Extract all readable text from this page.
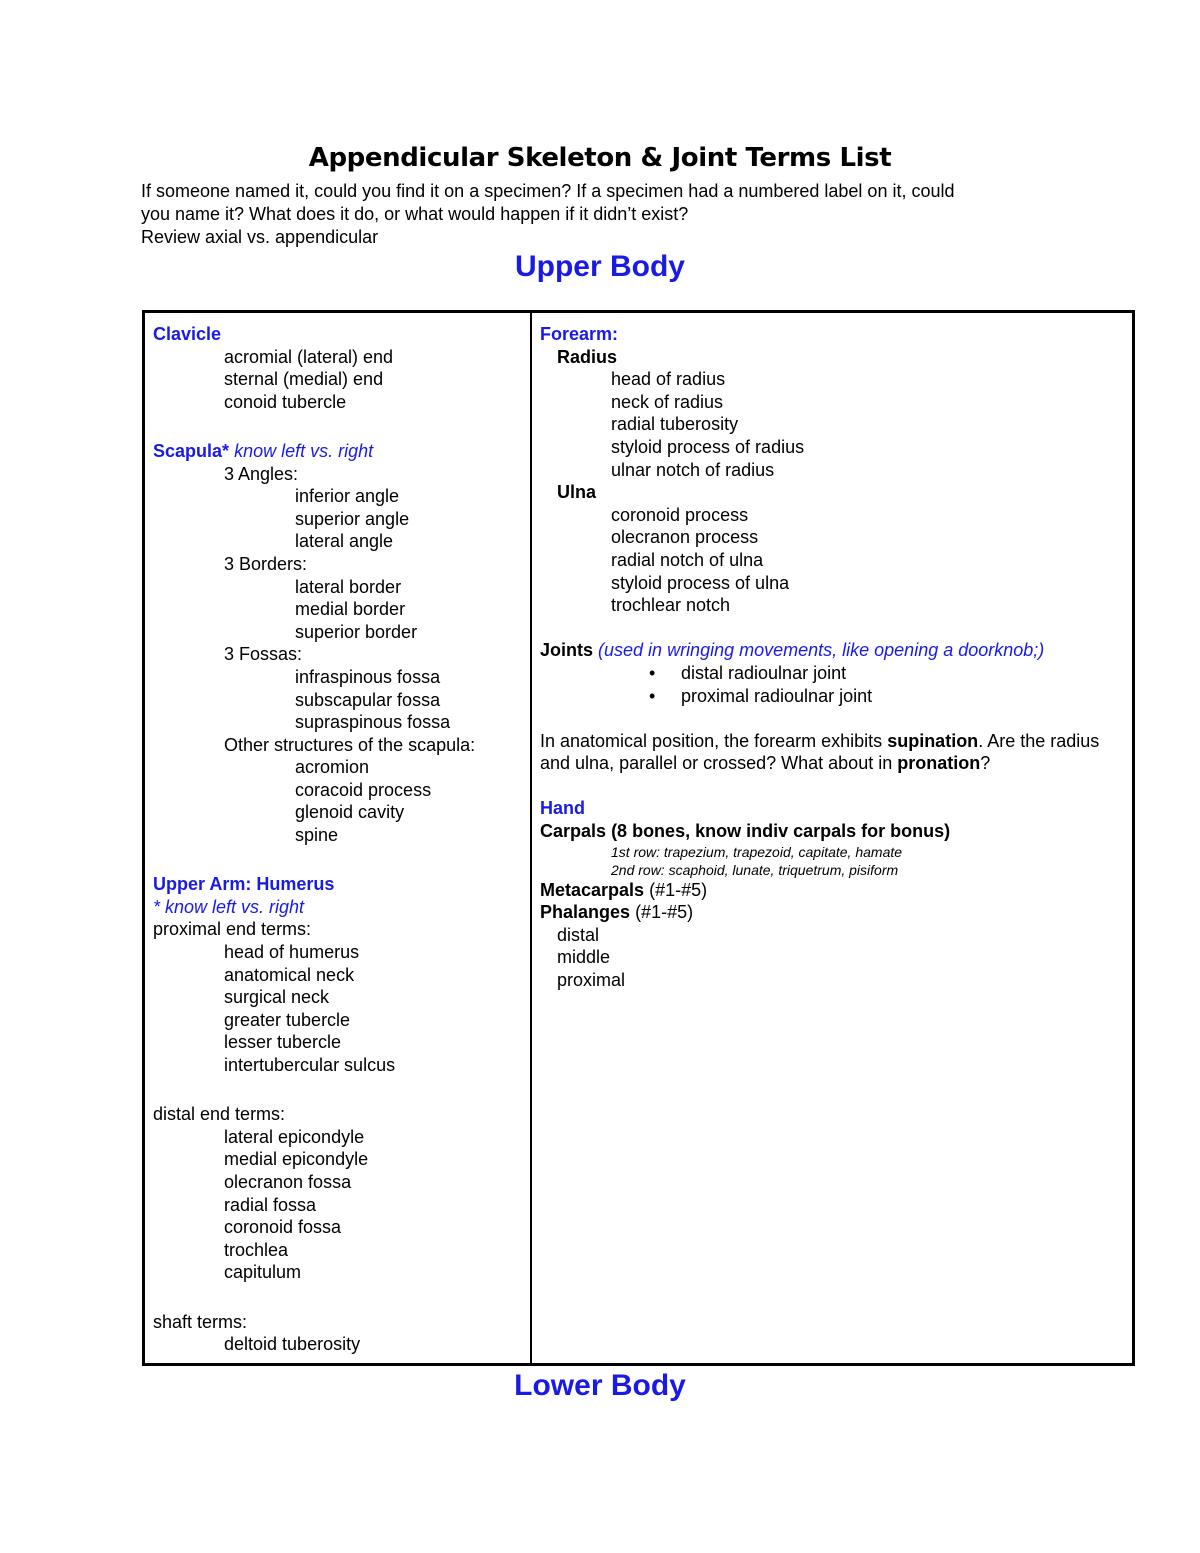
Appendicular Skeleton & Joint Terms List

If someone named it, could you find it on a specimen? If a specimen had a numbered label on it, could

you name it? What does it do, or what would happen if it didn’t exist?

Review axial vs. appendicular

Upper Body
Clavicle
acromial (lateral) end
sternal (medial) end
conoid tubercle
Scapula* know left vs. right
3 Angles:
inferior angle
superior angle
lateral angle
3 Borders:
lateral border
medial border
superior border
3 Fossas:
infraspinous fossa
subscapular fossa
supraspinous fossa
Other structures of the scapula:
acromion
coracoid process
glenoid cavity
spine
Upper Arm: Humerus
* know left vs. right
proximal end terms:
head of humerus
anatomical neck
surgical neck
greater tubercle
lesser tubercle
intertubercular sulcus
distal end terms:
lateral epicondyle
medial epicondyle
olecranon fossa
radial fossa
coronoid fossa
trochlea
capitulum
shaft terms:
deltoid tuberosity
Forearm:
Radius
head of radius
neck of radius
radial tuberosity
styloid process of radius
ulnar notch of radius
Ulna
coronoid process
olecranon process
radial notch of ulna
styloid process of ulna
trochlear notch
Joints (used in wringing movements, like opening a doorknob;)
• distal radioulnar joint
• proximal radioulnar joint
In anatomical position, the forearm exhibits supination. Are the radius and ulna, parallel or crossed? What about in pronation?
Hand
Carpals (8 bones, know indiv carpals for bonus)
1st row: trapezium, trapezoid, capitate, hamate
2nd row: scaphoid, lunate, triquetrum, pisiform
Metacarpals (#1-#5)
Phalanges (#1-#5)
distal
middle
proximal
Lower Body
